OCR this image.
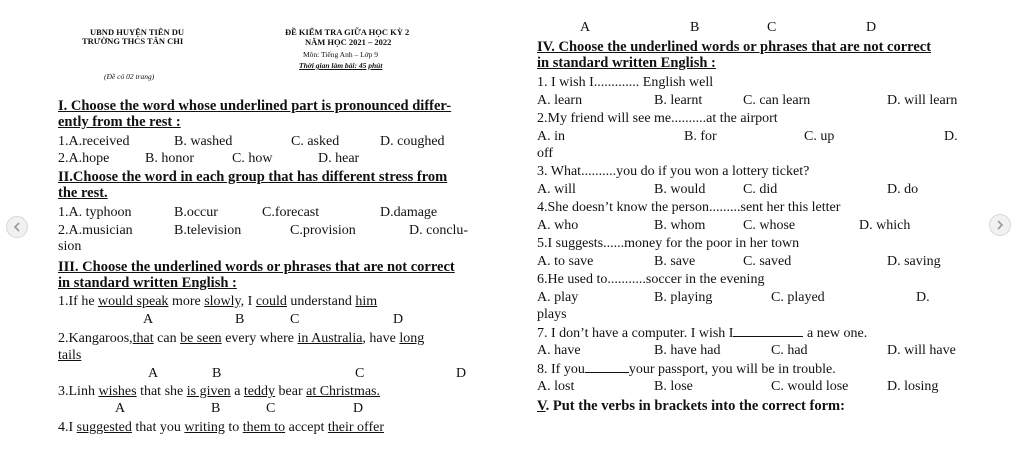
UBND HUYỆN TIÊN DU
TRƯỜNG THCS TÂN CHI
(Đề có 02 trang)
ĐỀ KIỂM TRA GIỮA HỌC KỲ 2
NĂM HỌC 2021 – 2022
Môn: Tiếng Anh – Lớp 9
Thời gian làm bài: 45 phút
I. Choose the word whose underlined part is pronounced differ-
ently from the rest :
1.A.received	B. washed	C. asked	D. coughed
2.A.hope	B. honor	C. how	D. hear
II.Choose the word in each group that has different stress from
the rest.
1.A. typhoon	B.occur	C.forecast	D.damage
2.A.musician	B.television	C.provision	D. conclu-
sion
III. Choose the underlined words or phrases that are not correct
in standard written English :
1.If he would speak more slowly, I could understand him
A	B	C	D
2.Kangaroos,that can be seen every where in Australia, have long
tails
A	B	C	D
3.Linh wishes that she is given a teddy bear at Christmas.
A	B	C	D
4.I suggested that you writing to them to accept their offer
A	B	C	D
IV. Choose the underlined words or phrases that are not correct
in standard written English :
1. I wish I............. English well
A. learn	B. learnt	C. can learn	D. will learn
2.My friend will see me..........at the airport
A. in	B. for	C. up	D.
off
3. What..........you do if you won a lottery ticket?
A. will	B. would	C. did	D. do
4.She doesn’t know the person.........sent her this letter
A. who	B. whom	C. whose	D. which
5.I suggests......money for the poor in her town
A. to save	B. save	C. saved	D. saving
6.He used to...........soccer in the evening
A. play	B. playing	C. played	D.
plays
7. I don’t have a computer. I wish I	a new one.
A. have	B. have had	C. had	D. will have
8. If you	your passport, you will be in trouble.
A. lost	B. lose	C. would lose	D. losing
V. Put the verbs in brackets into the correct form:
